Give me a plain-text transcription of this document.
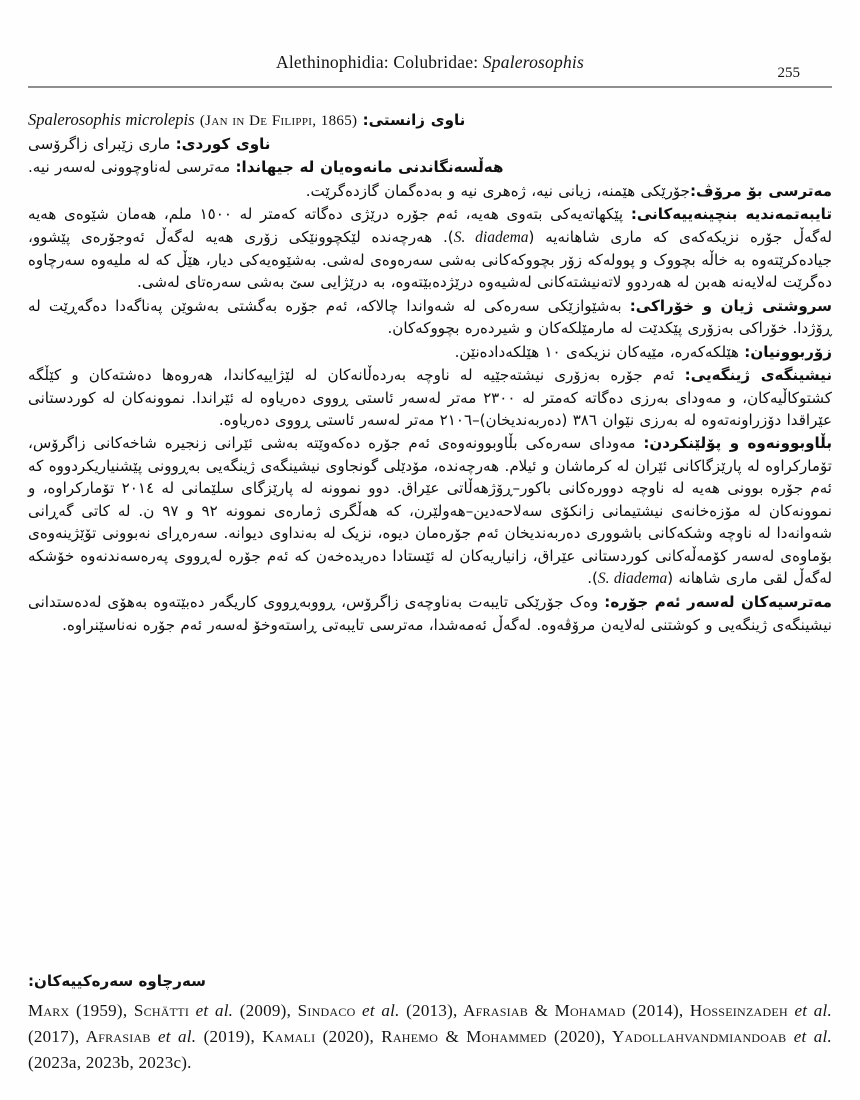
Alethinophidia: Colubridae: Spalerosophis
255

ناوی زانستی: Spalerosophis microlepis (Jan in De Filippi, 1865)

ناوی کوردی: ماری زێبرای زاگرۆسی

هەڵسەنگاندنی مانەوەیان لە جیهاندا: مەترسی لەناوچوونی لەسەر نیە.

مەترسی بۆ مرۆڤ:جۆرێکی هێمنە، زیانی نیە، ژەهری نیە و بەدەگمان گازدەگرێت.

تایبەتمەندیە بنچینەییەکانی: پێکهاتەیەکی بتەوی هەیە، ئەم جۆرە درێژی دەگاتە کەمتر لە ١٥٠٠ ملم، هەمان شێوەی هەیە لەگەڵ جۆرە نزیکەکەی کە ماری شاهانەیە (S. diadema). هەرچەندە لێکچوونێکی زۆری هەیە لەگەڵ ئەوجۆرەی پێشوو، جیادەکرێتەوە بە خاڵە بچووک و پوولەکە زۆر بچووکەکانی بەشی سەرەوەی لەشی. بەشێوەیەکی دیار، هێڵ کە لە ملیەوە سەرچاوە دەگرێت لەلایەنە هەبن لە هەردوو لاتەنیشتەکانی لەشیەوە درێژدەبێتەوە، بە درێژایی سێ بەشی سەرەتای لەشی.

سروشتی ژیان و خۆراکی: بەشێوازێکی سەرەکی لە شەواندا چالاکە، ئەم جۆرە بەگشتی بەشوێن پەناگەدا دەگەڕێت لە ڕۆژدا. خۆراکی بەزۆری پێکدێت لە مارمێلکەکان و شیردەرە بچووکەکان.

زۆربوونیان: هێلکەکەرە، مێیەکان نزیکەی ١٠ هێلکەدادەنێن.

نیشینگەی ژینگەیی: ئەم جۆرە بەزۆری نیشتەجێیە لە ناوچە بەردەڵانەکان لە لێژاییەکاندا، هەروەها دەشتەکان و کێڵگە کشتوکاڵیەکان، و مەودای بەرزی دەگاتە کەمتر لە ٢٣٠٠ مەتر لەسەر ئاستی ڕووی دەریاوە لە ئێراندا. نموونەکان لە کوردستانی عێراقدا دۆزراونەتەوە لە بەرزی نێوان ٣٨٦ (دەربەندیخان)–٢١٠٦ مەتر لەسەر ئاستی ڕووی دەریاوە.

بڵاوبوونەوە و پۆلێنکردن: مەودای سەرەکی بڵاوبوونەوەی ئەم جۆرە دەکەوێتە بەشی ئێرانی زنجیرە شاخەکانی زاگرۆس، تۆمارکراوە لە پارێزگاکانی ئێران لە کرماشان و ئیلام. هەرچەندە، مۆدێلی گونجاوی نیشینگەی ژینگەیی بەڕوونی پێشنیاریکردووە کە ئەم جۆرە بوونی هەیە لە ناوچە دوورەکانی باکور–ڕۆژهەڵاتی عێراق. دوو نموونە لە پارێزگای سلێمانی لە ٢٠١٤ تۆمارکراوە، و نموونەکان لە مۆزەخانەی نیشتیمانی زانکۆی سەلاحەدین–هەولێرن، کە هەڵگری ژمارەی نموونە ٩٢ و ٩٧ ن. لە کاتی گەڕانی شەوانەدا لە ناوچە وشکەکانی باشووری دەربەندیخان ئەم جۆرەمان دیوە، نزیک لە بەنداوی دیوانە. سەرەڕای نەبوونی تۆێژینەوەی بۆماوەی لەسەر کۆمەڵەکانی کوردستانی عێراق، زانیاریەکان لە ئێستادا دەریدەخەن کە ئەم جۆرە لەڕووی پەرەسەندنەوە خۆشکە لەگەڵ لقی ماری شاهانە (S. diadema).

مەترسیەکان لەسەر ئەم جۆرە: وەک جۆرێکی تایبەت بەناوچەی زاگرۆس، ڕووبەڕووی کاریگەر دەبێتەوە بەهۆی لەدەستدانی نیشینگەی ژینگەیی و کوشتنی لەلایەن مرۆڤەوە. لەگەڵ ئەمەشدا، مەترسی تایبەتی ڕاستەوخۆ لەسەر ئەم جۆرە نەناسێنراوە.

سەرچاوە سەرەکییەکان:
Marx (1959), Schätti et al. (2009), Sindaco et al. (2013), Afrasiab & Mohamad (2014), Hosseinzadeh et al. (2017), Afrasiab et al. (2019), Kamali (2020), Rahemo & Mohammed (2020), Yadollahvandmiandoab et al. (2023a, 2023b, 2023c).
